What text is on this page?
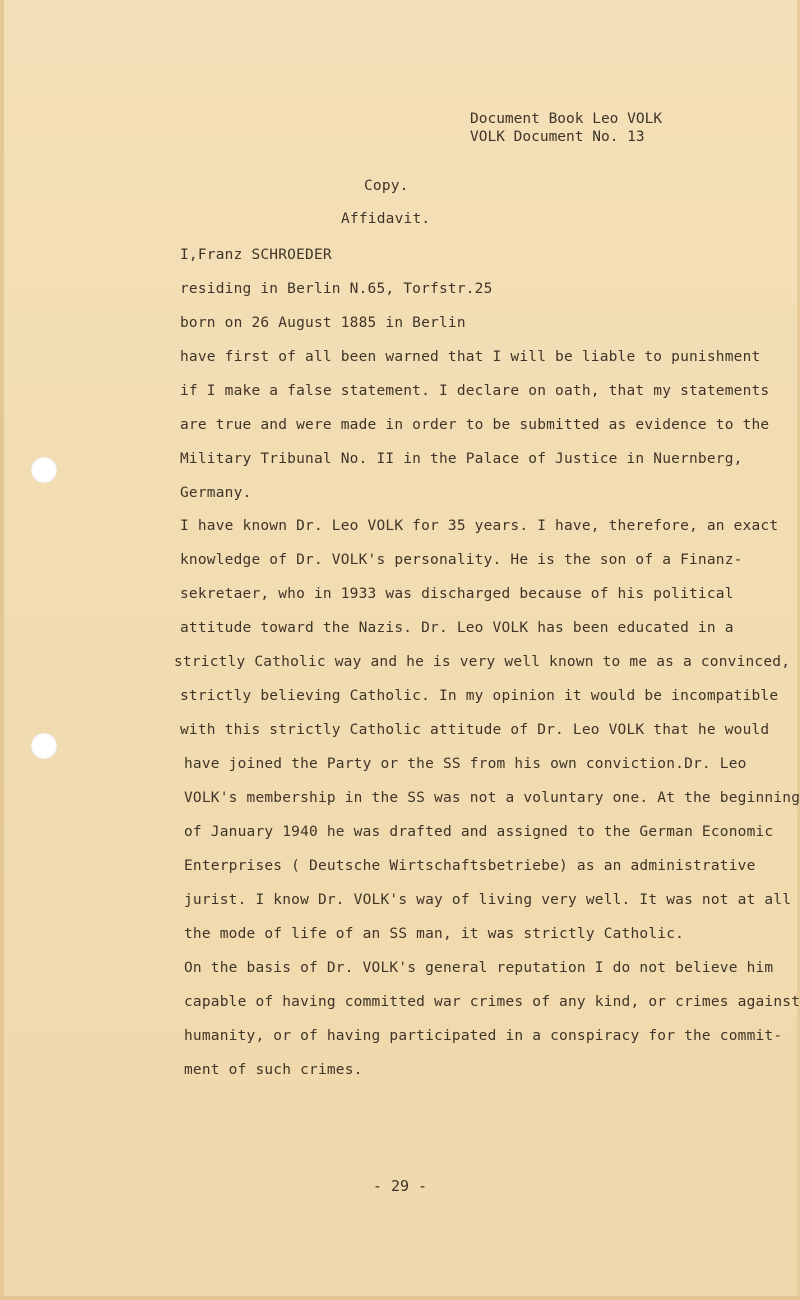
Document Book Leo VOLK
VOLK Document No. 13
Copy.
Affidavit.
I,Franz SCHROEDER
residing in Berlin N.65, Torfstr.25
born on 26 August 1885 in Berlin
have first of all been warned that I will be liable to punishment
if I make a false statement. I declare on oath, that my statements
are true and were made in order to be submitted as evidence to the
Military Tribunal No. II in the Palace of Justice in Nuernberg,
Germany.
I have known Dr. Leo VOLK for 35 years. I have, therefore, an exact
knowledge of Dr. VOLK's personality. He is the son of a Finanz-
sekretaer, who in 1933 was discharged because of his political
attitude toward the Nazis. Dr. Leo VOLK has been educated in a
strictly Catholic way and he is very well known to me as a convinced,
strictly believing Catholic. In my opinion it would be incompatible
with this strictly Catholic attitude of Dr. Leo VOLK that he would
have joined the Party or the SS from his own conviction.Dr. Leo
VOLK's membership in the SS was not a voluntary one. At the beginning
of January 1940 he was drafted and assigned to the German Economic
Enterprises ( Deutsche Wirtschaftsbetriebe) as an administrative
jurist. I know Dr. VOLK's way of living very well. It was not at all
the mode of life of an SS man, it was strictly Catholic.
On the basis of Dr. VOLK's general reputation I do not believe him
capable of having committed war crimes of any kind, or crimes against
humanity, or of having participated in a conspiracy for the commit-
ment of such crimes.
- 29 -
